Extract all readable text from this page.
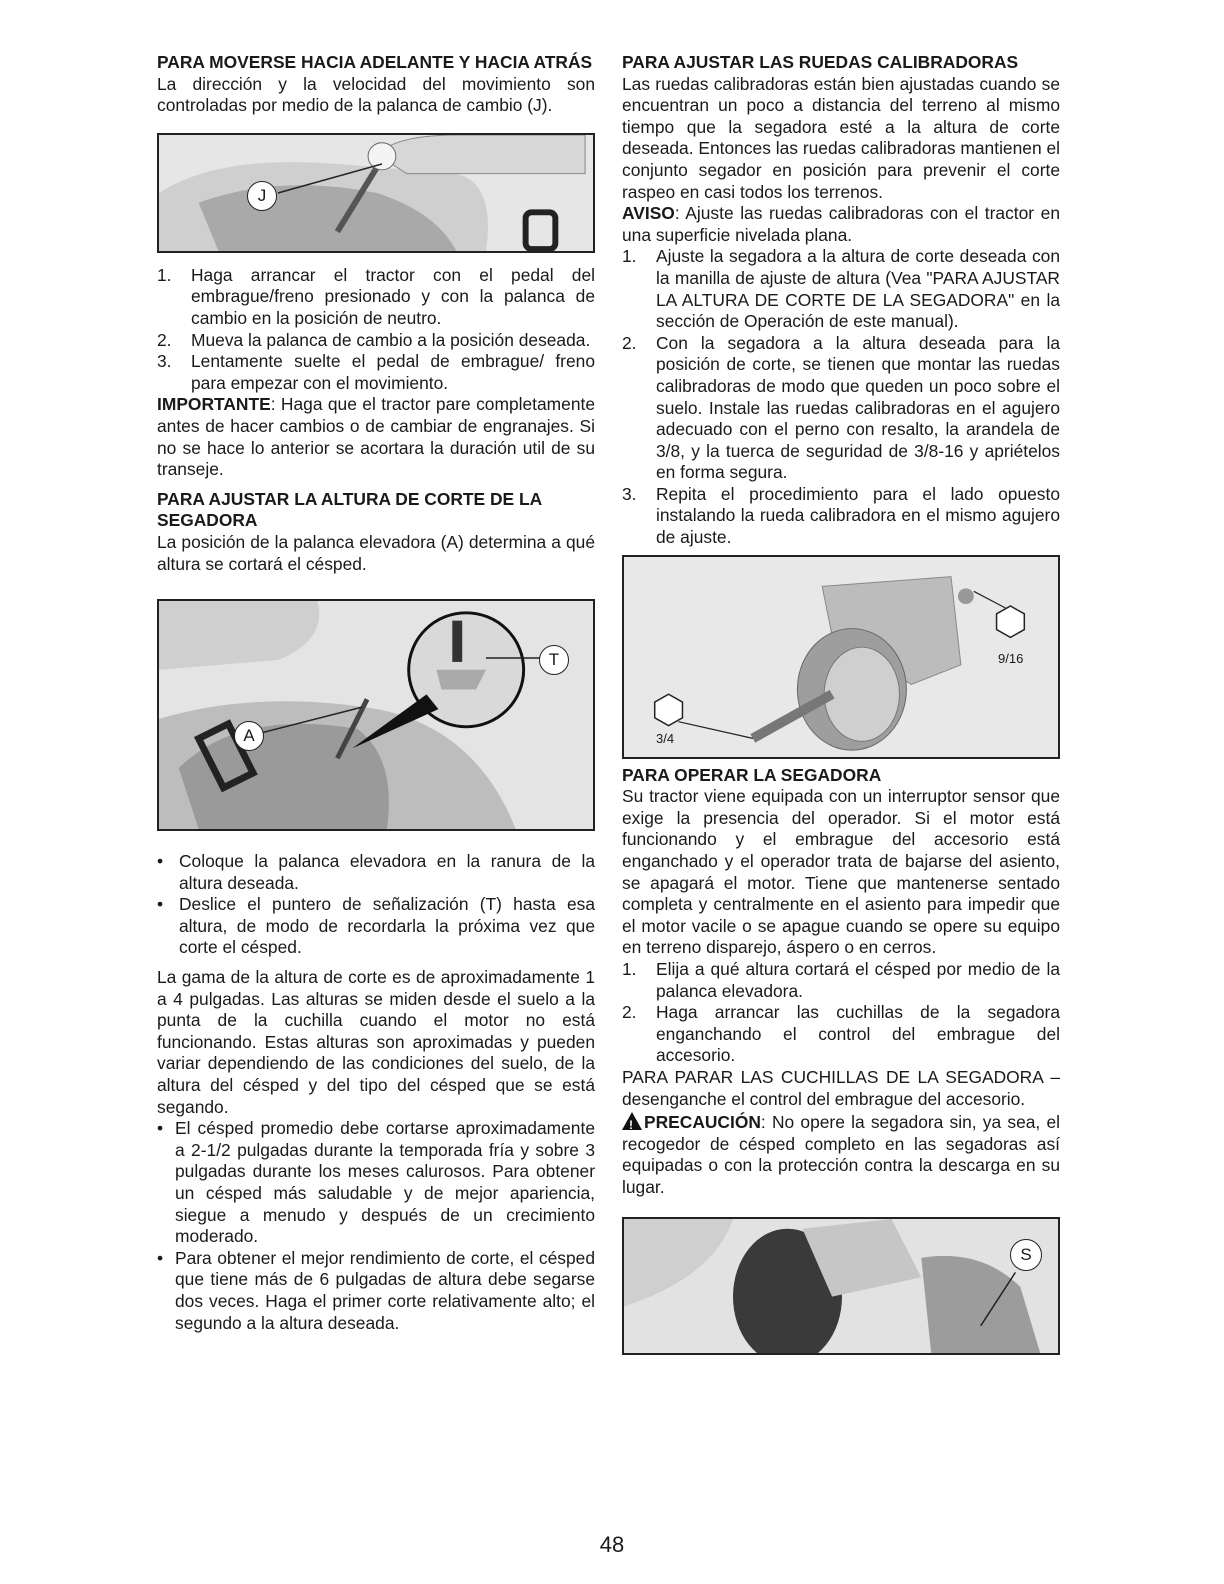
PARA MOVERSE HACIA ADELANTE Y HACIA ATRÁS

La dirección y la velocidad del movimiento son controladas por medio de la palanca de cambio (J).

J
1. Haga arrancar el tractor con el pedal del embrague/freno presionado y con la palanca de cambio en la posición de neutro.
2. Mueva la palanca de cambio a la posición deseada.
3. Lentamente suelte el pedal de embrague/ freno para empezar con el movimiento.

IMPORTANTE: Haga que el tractor pare completamente antes de hacer cambios o de cambiar de engranajes. Si no se hace lo anterior se acortara la duración util de su transeje.

PARA AJUSTAR LA ALTURA DE CORTE DE LA SEGADORA

La posición de la palanca elevadora (A) determina a qué altura se cortará el césped.

A
T
• Coloque la palanca elevadora en la ranura de la altura deseada.
• Deslice el puntero de señalización (T) hasta esa altura, de modo de recordarla la próxima vez que corte el césped.

La gama de la altura de corte es de aproximadamente 1 a 4 pulgadas. Las alturas se miden desde el suelo a la punta de la cuchilla cuando el motor no está funcionando. Estas alturas son aproximadas y pueden variar dependiendo de las condiciones del suelo, de la altura del césped y del tipo del césped que se está segando.

• El césped promedio debe cortarse aproximadamente a 2-1/2 pulgadas durante la temporada fría y sobre 3 pulgadas durante los meses calurosos. Para obtener un césped más saludable y de mejor apariencia, siegue a menudo y después de un crecimiento moderado.
• Para obtener el mejor rendimiento de corte, el césped que tiene más de 6 pulgadas de altura debe segarse dos veces. Haga el primer corte relativamente alto; el segundo a la altura deseada.

PARA AJUSTAR LAS RUEDAS CALIBRADORAS

Las ruedas calibradoras están bien ajustadas cuando se encuentran un poco a distancia del terreno al mismo tiempo que la segadora esté a la altura de corte deseada. Entonces las ruedas calibradoras mantienen el conjunto segador en posición para prevenir el corte raspeo en casi todos los terrenos.

AVISO: Ajuste las ruedas calibradoras con el tractor en una superficie nivelada plana.

1. Ajuste la segadora a la altura de corte deseada con la manilla de ajuste de altura (Vea "PARA AJUSTAR LA ALTURA DE CORTE DE LA SEGADORA" en la sección de Operación de este manual).
2. Con la segadora a la altura deseada para la posición de corte, se tienen que montar las ruedas calibradoras de modo que queden un poco sobre el suelo. Instale las ruedas calibradoras en el agujero adecuado con el perno con resalto, la arandela de 3/8, y la tuerca de seguridad de 3/8-16 y apriételos en forma segura.
3. Repita el procedimiento para el lado opuesto instalando la rueda calibradora en el mismo agujero de ajuste.
9/16
3/4

PARA OPERAR LA SEGADORA

Su tractor viene equipada con un interruptor sensor que exige la presencia del operador. Si el motor está funcionando y el embrague del accesorio está enganchado y el operador trata de bajarse del asiento, se apagará el motor. Tiene que mantenerse sentado completa y centralmente en el asiento para impedir que el motor vacile o se apague cuando se opere su equipo en terreno disparejo, áspero o en cerros.

1. Elija a qué altura cortará el césped por medio de la palanca elevadora.
2. Haga arrancar las cuchillas de la segadora enganchando el control del embrague del accesorio.

PARA PARAR LAS CUCHILLAS DE LA SEGADORA – desenganche el control del embrague del accesorio.

!PRECAUCIÓN: No opere la segadora sin, ya sea, el recogedor de césped completo en las segadoras así equipadas o con la protección contra la descarga en su lugar.

S
48
